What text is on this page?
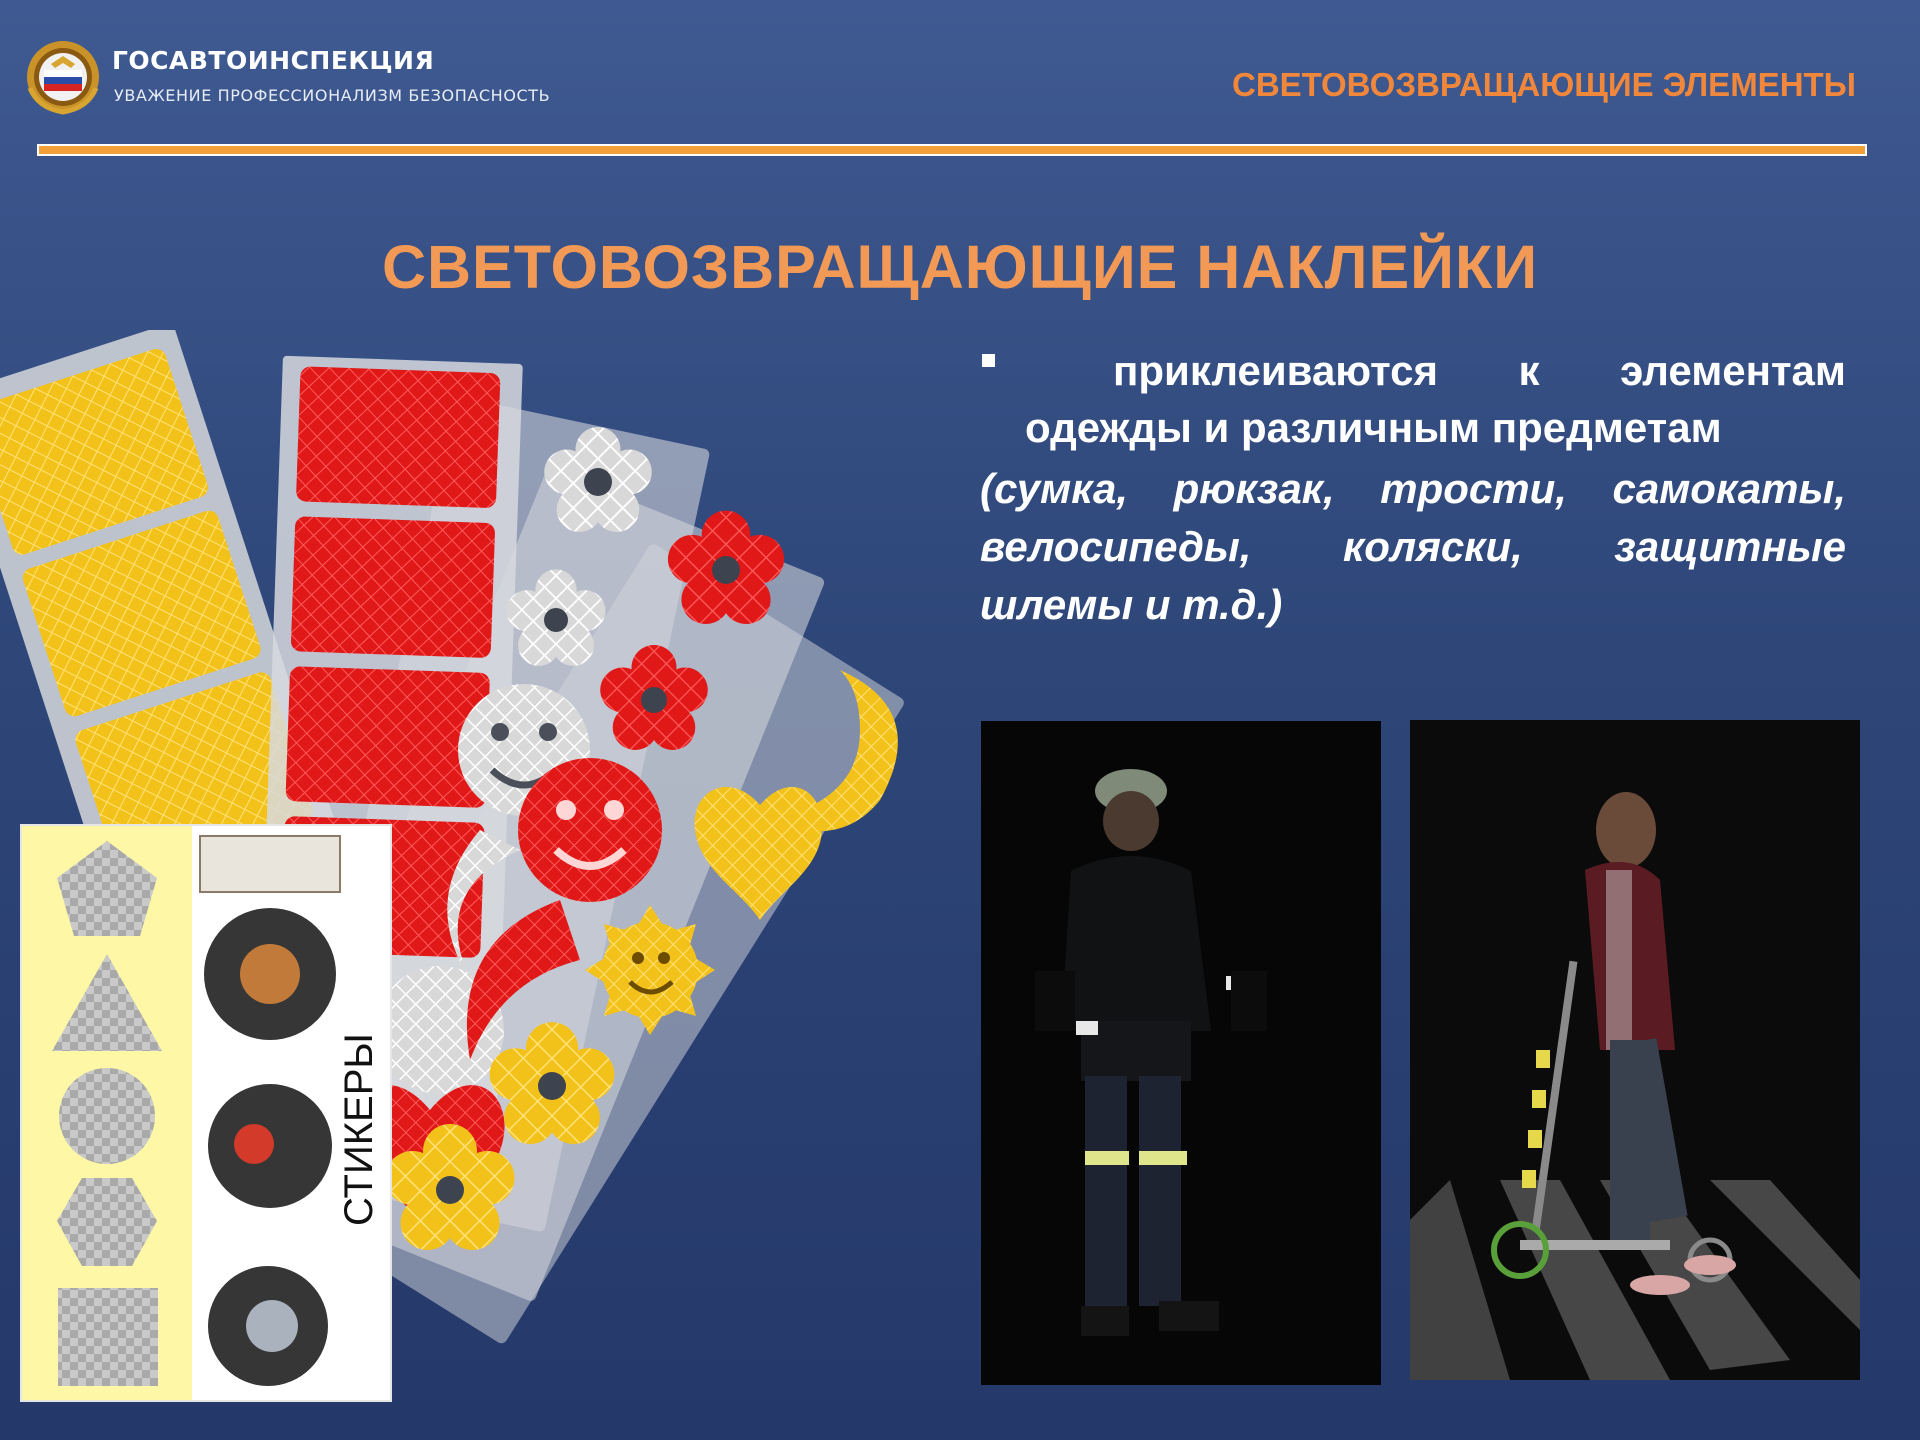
ГОСАВТОИНСПЕКЦИЯ
УВАЖЕНИЕ ПРОФЕССИОНАЛИЗМ БЕЗОПАСНОСТЬ	СВЕТОВОЗВРАЩАЮЩИЕ ЭЛЕМЕНТЫ
СВЕТОВОЗВРАЩАЮЩИЕ НАКЛЕЙКИ
приклеиваются к элементам одежды и различным предметам
(сумка, рюкзак, трости, самокаты, велосипеды, коляски, защитные шлемы и т.д.)
СТИКЕРЫ
